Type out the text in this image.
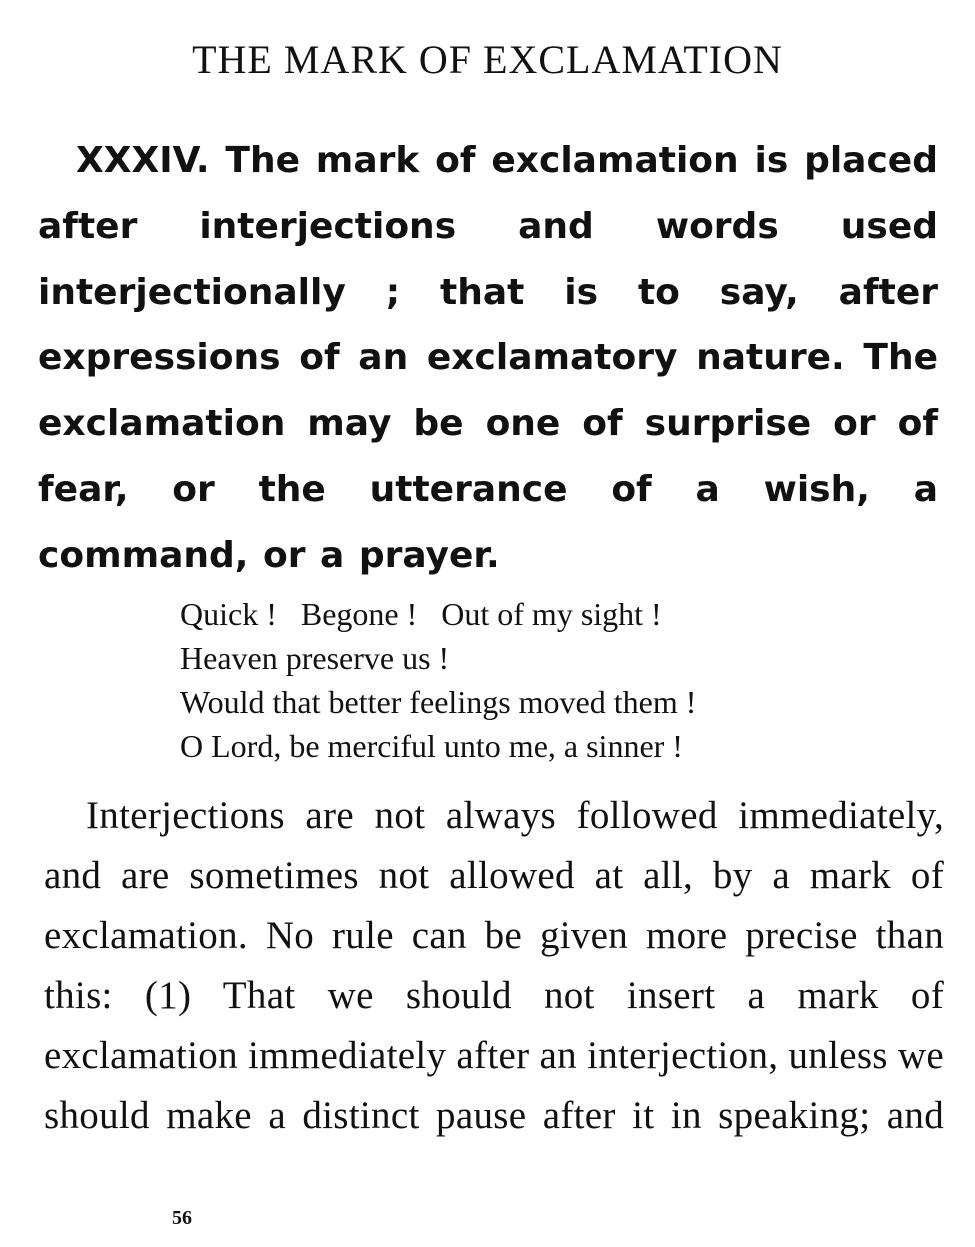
THE MARK OF EXCLAMATION
XXXIV. The mark of exclamation is placed after interjections and words used interjectionally ; that is to say, after expressions of an exclamatory nature. The exclamation may be one of surprise or of fear, or the utterance of a wish, a command, or a prayer.
Quick !   Begone !   Out of my sight !
Heaven preserve us !
Would that better feelings moved them !
O Lord, be merciful unto me, a sinner !
Interjections are not always followed immediately, and are sometimes not allowed at all, by a mark of exclamation. No rule can be given more precise than this: (1) That we should not insert a mark of exclamation immediately after an interjection, unless we should make a distinct pause after it in speaking; and
56
